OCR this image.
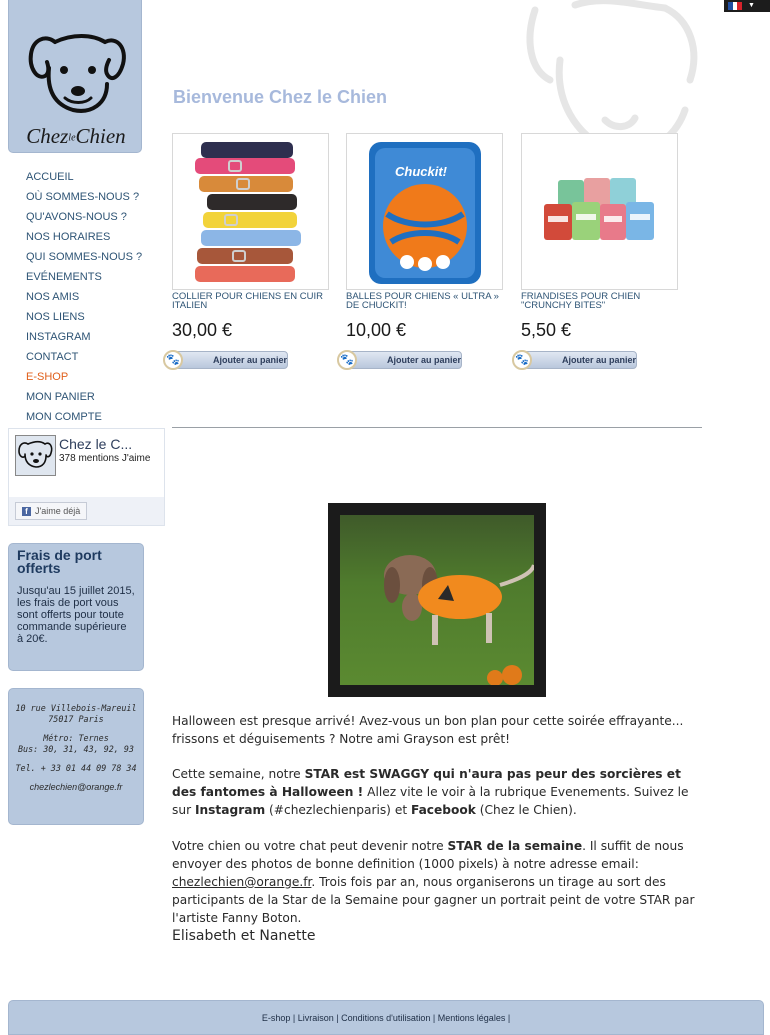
▼
ChezleChien
ACCUEIL
OÙ SOMMES-NOUS ?
QU'AVONS-NOUS ?
NOS HORAIRES
QUI SOMMES-NOUS ?
EVÉNEMENTS
NOS AMIS
NOS LIENS
INSTAGRAM
CONTACT
E-SHOP
MON PANIER
MON COMPTE
Chez le C...
378 mentions J'aime
f J'aime déjà
Frais de port offerts

Jusqu'au 15 juillet 2015, les frais de port vous sont offerts pour toute commande supérieure à 20€.

10 rue Villebois-Mareuil
75017 Paris
Métro: Ternes
Bus: 30, 31, 43, 92, 93
Tel. + 33 01 44 09 78 34
chezlechien@orange.fr
Bienvenue Chez le Chien
COLLIER POUR CHIENS EN CUIR ITALIEN
30,00 €
🐾	Ajouter au panier
Chuckit!
BALLES POUR CHIENS « ULTRA » DE CHUCKIT!
10,00 €
🐾	Ajouter au panier
FRIANDISES POUR CHIEN "CRUNCHY BITES"
5,50 €
🐾	Ajouter au panier
Halloween est presque arrivé! Avez-vous un bon plan pour cette soirée effrayante... frissons et déguisements ? Notre ami Grayson est prêt!
Cette semaine, notre STAR est SWAGGY qui n'aura pas peur des sorcières et des fantomes à Halloween ! Allez vite le voir à la rubrique Evenements. Suivez le sur Instagram (#chezlechienparis) et Facebook (Chez le Chien).
Votre chien ou votre chat peut devenir notre STAR de la semaine. Il suffit de nous envoyer des photos de bonne definition (1000 pixels) à notre adresse email: chezlechien@orange.fr. Trois fois par an, nous organiserons un tirage au sort des participants de la Star de la Semaine pour gagner un portrait peint de votre STAR par l'artiste Fanny Boton.
Elisabeth et Nanette
E-shop | Livraison | Conditions d'utilisation | Mentions légales |
